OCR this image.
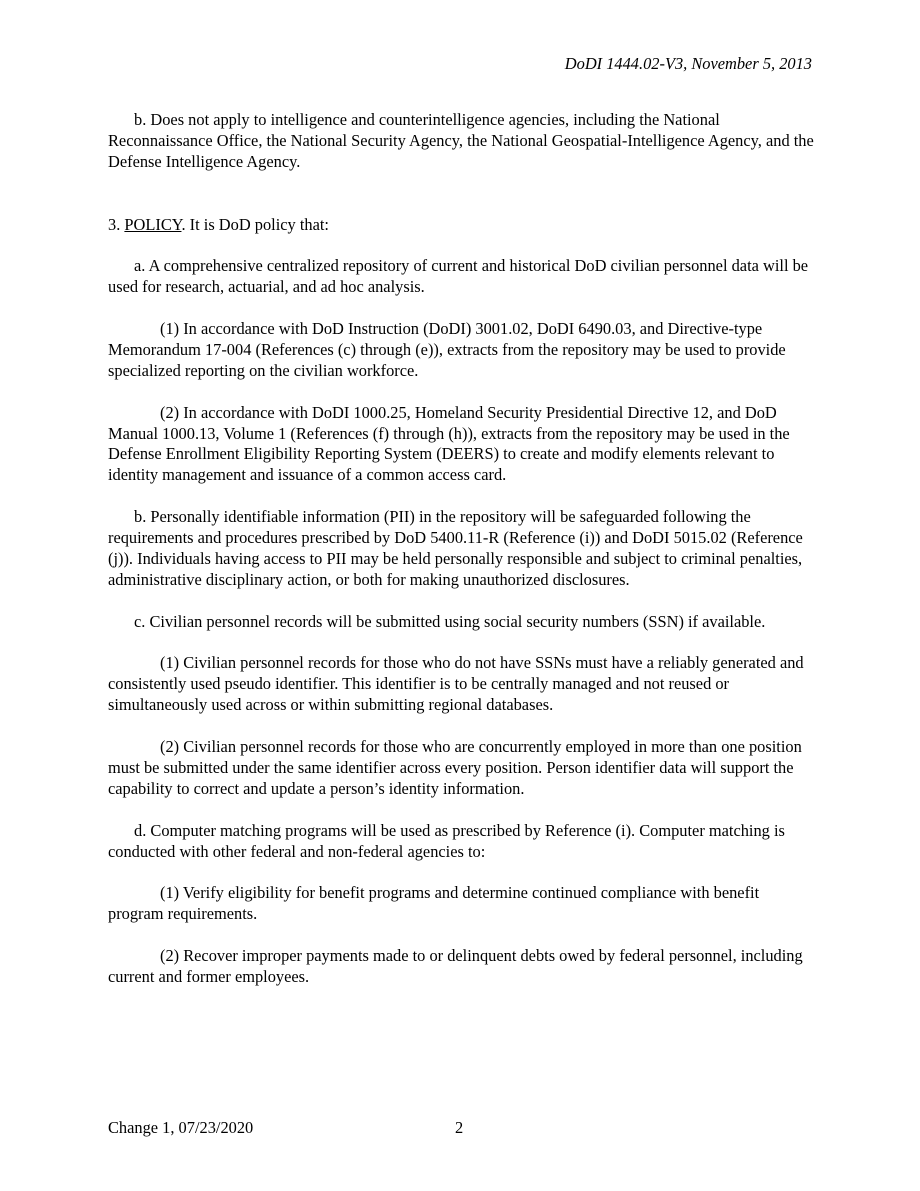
DoDI 1444.02-V3, November 5, 2013

b. Does not apply to intelligence and counterintelligence agencies, including the National Reconnaissance Office, the National Security Agency, the National Geospatial-Intelligence Agency, and the Defense Intelligence Agency.

3. POLICY. It is DoD policy that:

a. A comprehensive centralized repository of current and historical DoD civilian personnel data will be used for research, actuarial, and ad hoc analysis.

(1) In accordance with DoD Instruction (DoDI) 3001.02, DoDI 6490.03, and Directive-type Memorandum 17-004 (References (c) through (e)), extracts from the repository may be used to provide specialized reporting on the civilian workforce.

(2) In accordance with DoDI 1000.25, Homeland Security Presidential Directive 12, and DoD Manual 1000.13, Volume 1 (References (f) through (h)), extracts from the repository may be used in the Defense Enrollment Eligibility Reporting System (DEERS) to create and modify elements relevant to identity management and issuance of a common access card.

b. Personally identifiable information (PII) in the repository will be safeguarded following the requirements and procedures prescribed by DoD 5400.11-R (Reference (i)) and DoDI 5015.02 (Reference (j)). Individuals having access to PII may be held personally responsible and subject to criminal penalties, administrative disciplinary action, or both for making unauthorized disclosures.

c. Civilian personnel records will be submitted using social security numbers (SSN) if available.

(1) Civilian personnel records for those who do not have SSNs must have a reliably generated and consistently used pseudo identifier. This identifier is to be centrally managed and not reused or simultaneously used across or within submitting regional databases.

(2) Civilian personnel records for those who are concurrently employed in more than one position must be submitted under the same identifier across every position. Person identifier data will support the capability to correct and update a person’s identity information.

d. Computer matching programs will be used as prescribed by Reference (i). Computer matching is conducted with other federal and non-federal agencies to:

(1) Verify eligibility for benefit programs and determine continued compliance with benefit program requirements.

(2) Recover improper payments made to or delinquent debts owed by federal personnel, including current and former employees.

Change 1, 07/23/2020	2
